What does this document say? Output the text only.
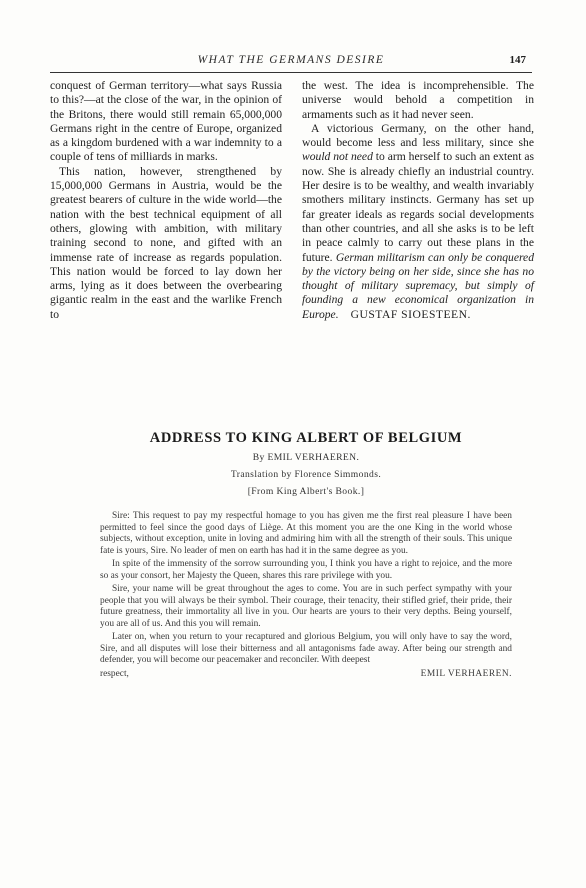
WHAT THE GERMANS DESIRE	147

conquest of German territory—what says Russia to this?—at the close of the war, in the opinion of the Britons, there would still remain 65,000,000 Germans right in the centre of Europe, organized as a kingdom burdened with a war indemnity to a couple of tens of milliards in marks.

This nation, however, strengthened by 15,000,000 Germans in Austria, would be the greatest bearers of culture in the wide world—the nation with the best technical equipment of all others, glowing with ambition, with military training second to none, and gifted with an immense rate of increase as regards population. This nation would be forced to lay down her arms, lying as it does between the overbearing gigantic realm in the east and the warlike French to

the west. The idea is incomprehensible. The universe would behold a competition in armaments such as it had never seen.

A victorious Germany, on the other hand, would become less and less military, since she would not need to arm herself to such an extent as now. She is already chiefly an industrial country. Her desire is to be wealthy, and wealth invariably smothers military instincts. Germany has set up far greater ideals as regards social developments than other countries, and all she asks is to be left in peace calmly to carry out these plans in the future. German militarism can only be conquered by the victory being on her side, since she has no thought of military supremacy, but simply of founding a new economical organization in Europe. GUSTAF SIOESTEEN.

ADDRESS TO KING ALBERT OF BELGIUM
By EMIL VERHAEREN.
Translation by Florence Simmonds.
[From King Albert's Book.]

Sire: This request to pay my respectful homage to you has given me the first real pleasure I have been permitted to feel since the good days of Liège. At this moment you are the one King in the world whose subjects, without exception, unite in loving and admiring him with all the strength of their souls. This unique fate is yours, Sire. No leader of men on earth has had it in the same degree as you.

In spite of the immensity of the sorrow surrounding you, I think you have a right to rejoice, and the more so as your consort, her Majesty the Queen, shares this rare privilege with you.

Sire, your name will be great throughout the ages to come. You are in such perfect sympathy with your people that you will always be their symbol. Their courage, their tenacity, their stifled grief, their pride, their future greatness, their immortality all live in you. Our hearts are yours to their very depths. Being yourself, you are all of us. And this you will remain.

Later on, when you return to your recaptured and glorious Belgium, you will only have to say the word, Sire, and all disputes will lose their bitterness and all antagonisms fade away. After being our strength and defender, you will become our peacemaker and reconciler. With deepest

respect,	EMIL VERHAEREN.
